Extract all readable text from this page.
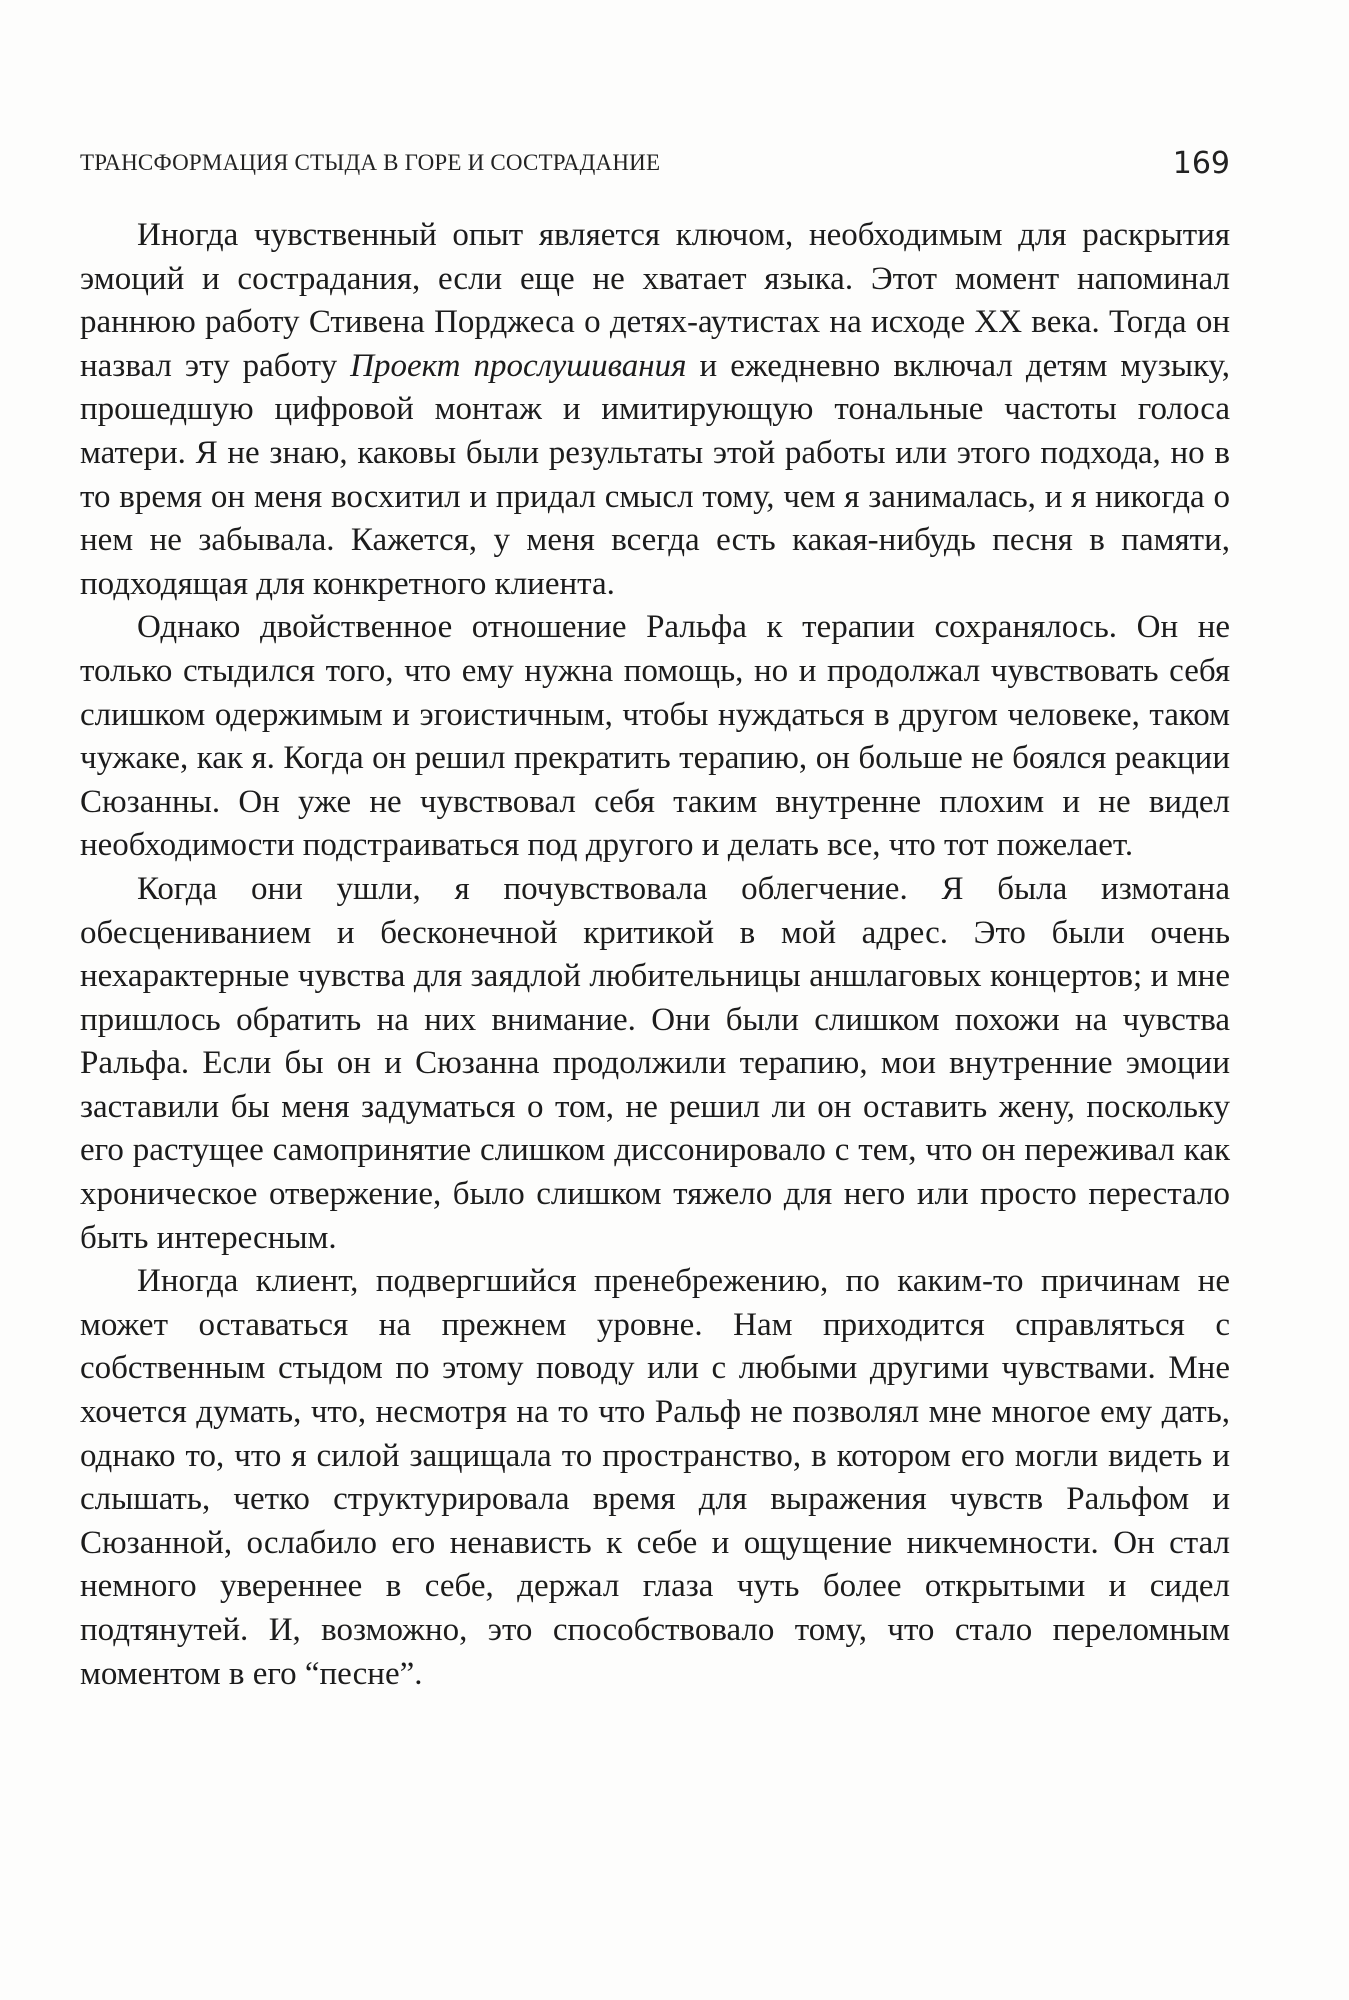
ТРАНСФОРМАЦИЯ СТЫДА В ГОРЕ И СОСТРАДАНИЕ	169

Иногда чувственный опыт является ключом, необходимым для раскрытия эмоций и сострадания, если еще не хватает языка. Этот момент напоминал раннюю работу Стивена Порджеса о детях-аутистах на исходе XX века. Тогда он назвал эту работу Проект прослушивания и ежедневно включал детям музыку, прошедшую цифровой монтаж и имитирующую тональные частоты голоса матери. Я не знаю, каковы были результаты этой работы или этого подхода, но в то время он меня восхитил и придал смысл тому, чем я занималась, и я никогда о нем не забывала. Кажется, у меня всегда есть какая-нибудь песня в памяти, подходящая для конкретного клиента.

Однако двойственное отношение Ральфа к терапии сохранялось. Он не только стыдился того, что ему нужна помощь, но и продолжал чувствовать себя слишком одержимым и эгоистичным, чтобы нуждаться в другом человеке, таком чужаке, как я. Когда он решил прекратить терапию, он больше не боялся реакции Сюзанны. Он уже не чувствовал себя таким внутренне плохим и не видел необходимости подстраиваться под другого и делать все, что тот пожелает.

Когда они ушли, я почувствовала облегчение. Я была измотана обесцениванием и бесконечной критикой в мой адрес. Это были очень нехарактерные чувства для заядлой любительницы аншлаговых концертов; и мне пришлось обратить на них внимание. Они были слишком похожи на чувства Ральфа. Если бы он и Сюзанна продолжили терапию, мои внутренние эмоции заставили бы меня задуматься о том, не решил ли он оставить жену, поскольку его растущее самопринятие слишком диссонировало с тем, что он переживал как хроническое отвержение, было слишком тяжело для него или просто перестало быть интересным.

Иногда клиент, подвергшийся пренебрежению, по каким-то причинам не может оставаться на прежнем уровне. Нам приходится справляться с собственным стыдом по этому поводу или с любыми другими чувствами. Мне хочется думать, что, несмотря на то что Ральф не позволял мне многое ему дать, однако то, что я силой защищала то пространство, в котором его могли видеть и слышать, четко структурировала время для выражения чувств Ральфом и Сюзанной, ослабило его ненависть к себе и ощущение никчемности. Он стал немного увереннее в себе, держал глаза чуть более открытыми и сидел подтянутей. И, возможно, это способствовало тому, что стало переломным моментом в его “песне”.
